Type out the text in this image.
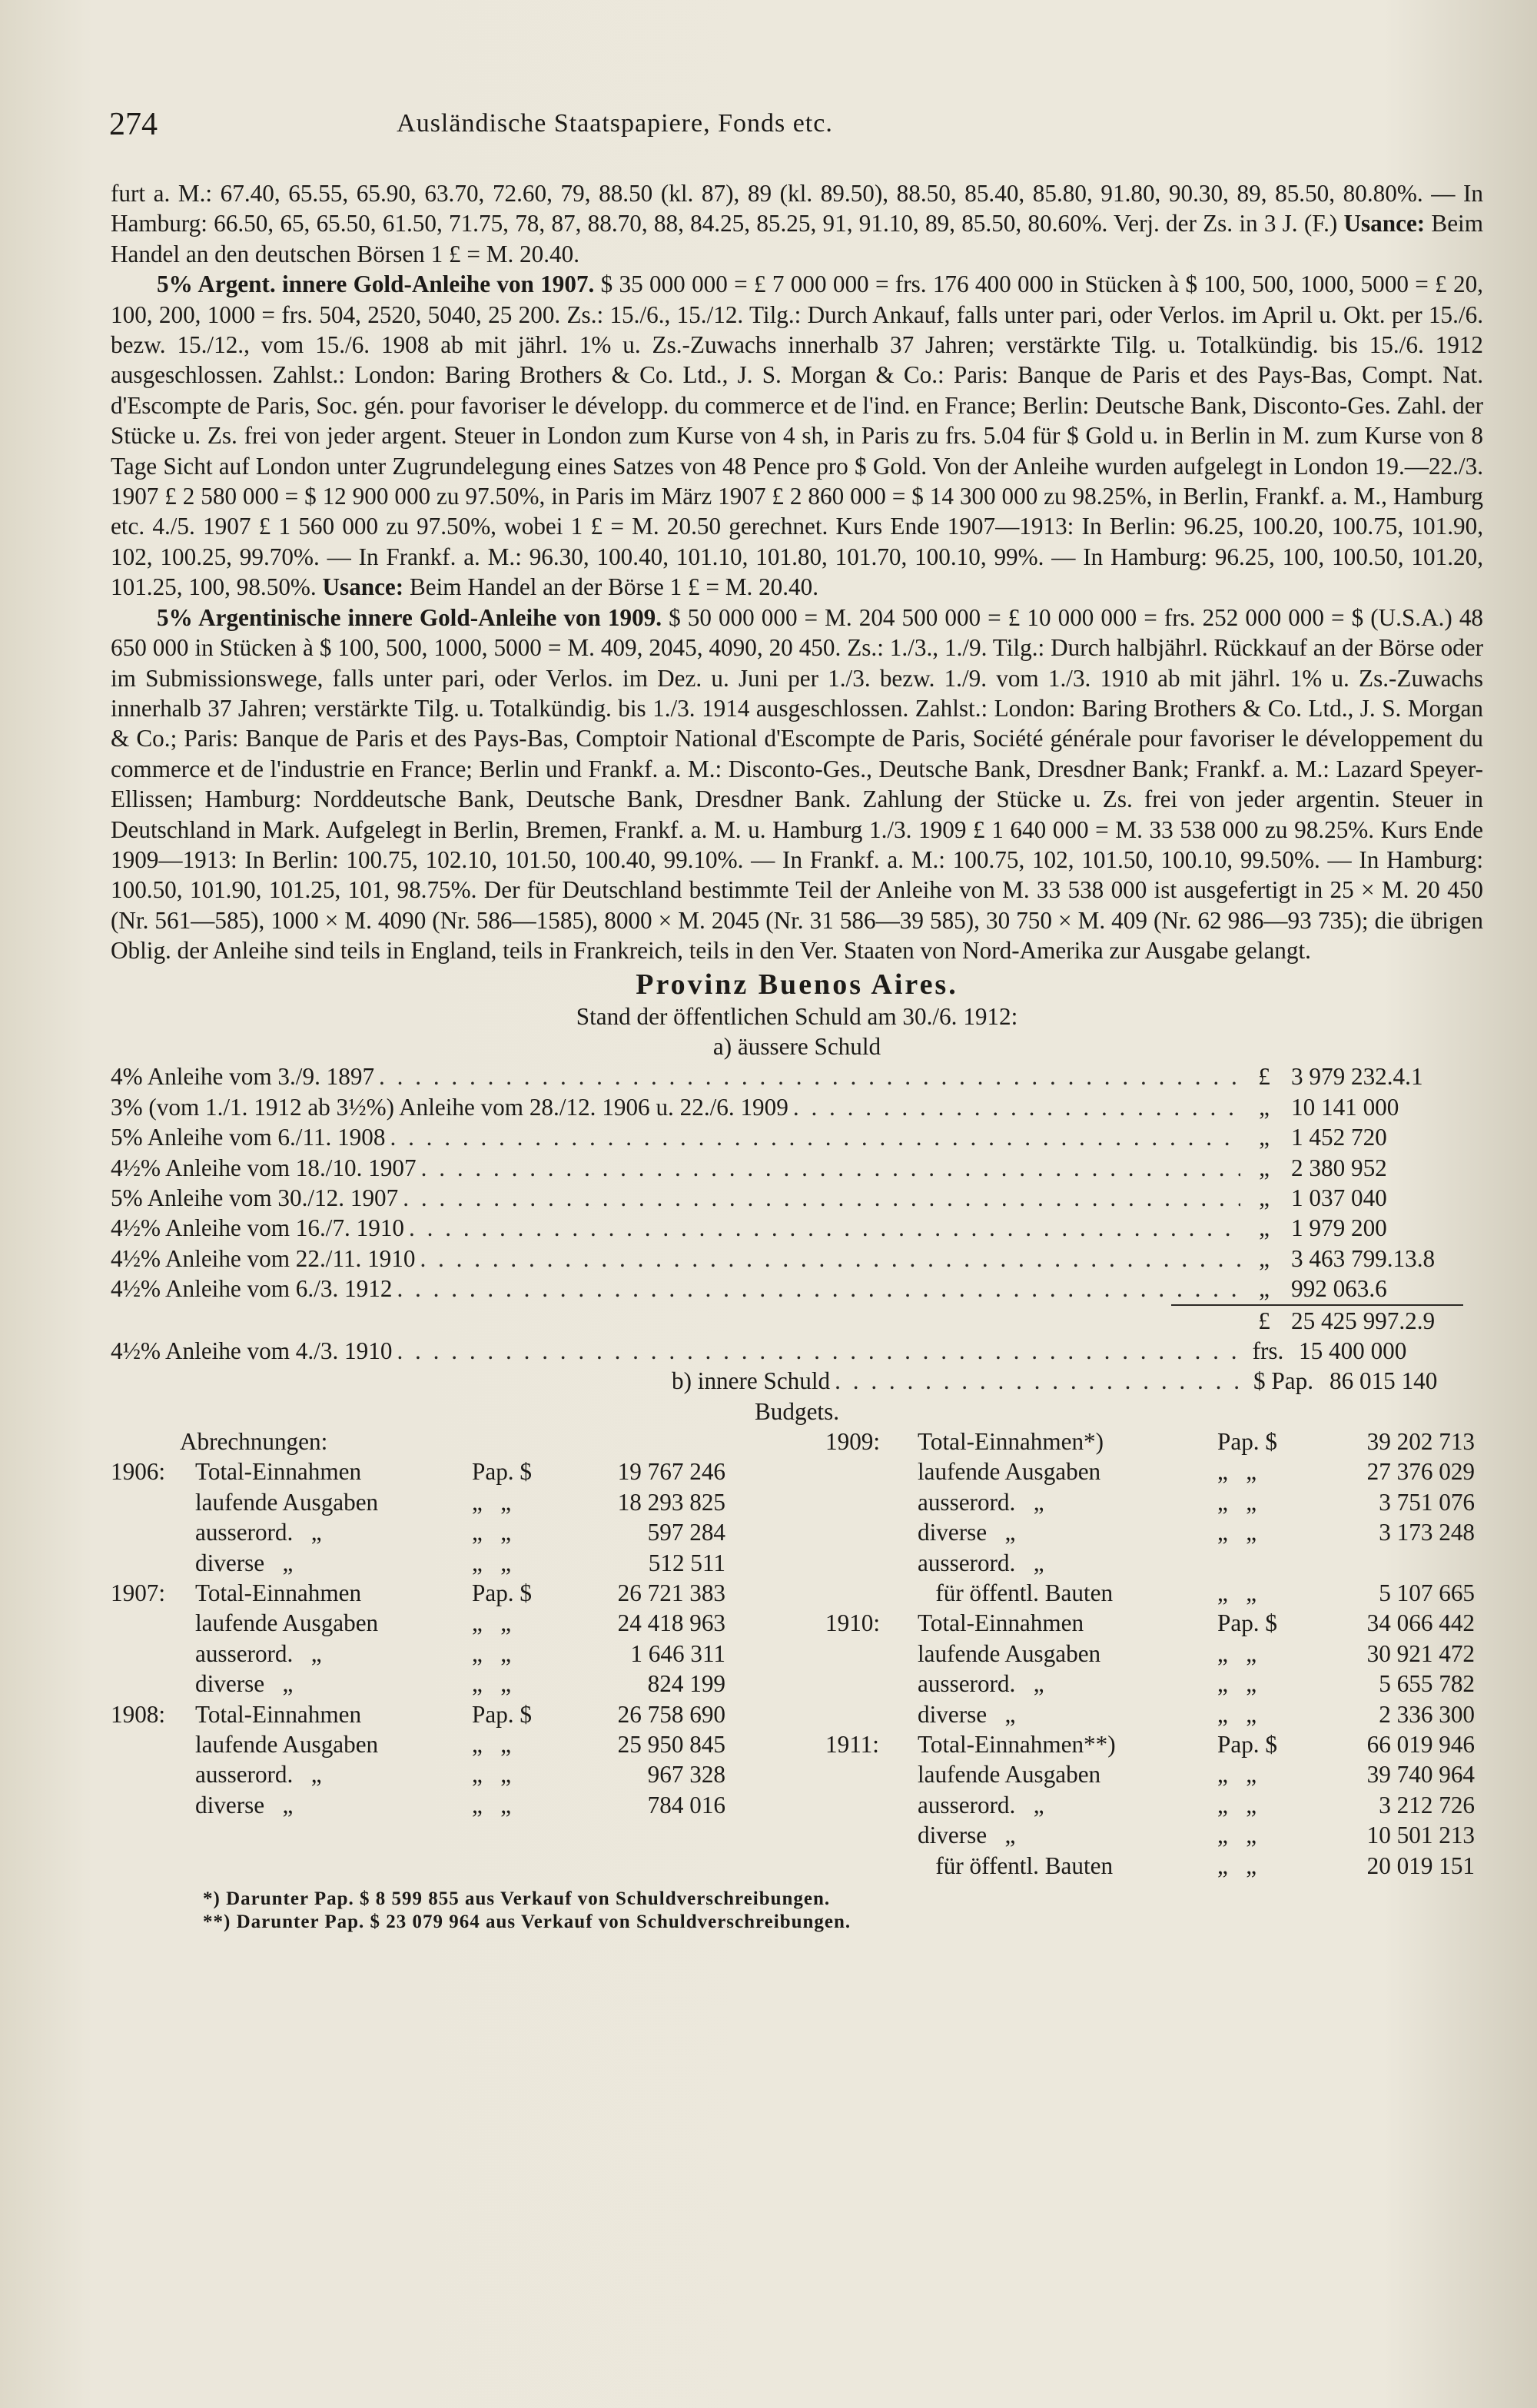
274	Ausländische Staatspapiere, Fonds etc.

furt a. M.: 67.40, 65.55, 65.90, 63.70, 72.60, 79, 88.50 (kl. 87), 89 (kl. 89.50), 88.50, 85.40, 85.80, 91.80, 90.30, 89, 85.50, 80.80%. — In Hamburg: 66.50, 65, 65.50, 61.50, 71.75, 78, 87, 88.70, 88, 84.25, 85.25, 91, 91.10, 89, 85.50, 80.60%. Verj. der Zs. in 3 J. (F.) Usance: Beim Handel an den deutschen Börsen 1 £ = M. 20.40.

5% Argent. innere Gold-Anleihe von 1907. $ 35 000 000 = £ 7 000 000 = frs. 176 400 000 in Stücken à $ 100, 500, 1000, 5000 = £ 20, 100, 200, 1000 = frs. 504, 2520, 5040, 25 200. Zs.: 15./6., 15./12. Tilg.: Durch Ankauf, falls unter pari, oder Verlos. im April u. Okt. per 15./6. bezw. 15./12., vom 15./6. 1908 ab mit jährl. 1% u. Zs.-Zuwachs innerhalb 37 Jahren; verstärkte Tilg. u. Totalkündig. bis 15./6. 1912 ausgeschlossen. Zahlst.: London: Baring Brothers & Co. Ltd., J. S. Morgan & Co.: Paris: Banque de Paris et des Pays-Bas, Compt. Nat. d'Escompte de Paris, Soc. gén. pour favoriser le développ. du commerce et de l'ind. en France; Berlin: Deutsche Bank, Disconto-Ges. Zahl. der Stücke u. Zs. frei von jeder argent. Steuer in London zum Kurse von 4 sh, in Paris zu frs. 5.04 für $ Gold u. in Berlin in M. zum Kurse von 8 Tage Sicht auf London unter Zugrundelegung eines Satzes von 48 Pence pro $ Gold. Von der Anleihe wurden aufgelegt in London 19.—22./3. 1907 £ 2 580 000 = $ 12 900 000 zu 97.50%, in Paris im März 1907 £ 2 860 000 = $ 14 300 000 zu 98.25%, in Berlin, Frankf. a. M., Hamburg etc. 4./5. 1907 £ 1 560 000 zu 97.50%, wobei 1 £ = M. 20.50 gerechnet. Kurs Ende 1907—1913: In Berlin: 96.25, 100.20, 100.75, 101.90, 102, 100.25, 99.70%. — In Frankf. a. M.: 96.30, 100.40, 101.10, 101.80, 101.70, 100.10, 99%. — In Hamburg: 96.25, 100, 100.50, 101.20, 101.25, 100, 98.50%. Usance: Beim Handel an der Börse 1 £ = M. 20.40.

5% Argentinische innere Gold-Anleihe von 1909. $ 50 000 000 = M. 204 500 000 = £ 10 000 000 = frs. 252 000 000 = $ (U.S.A.) 48 650 000 in Stücken à $ 100, 500, 1000, 5000 = M. 409, 2045, 4090, 20 450. Zs.: 1./3., 1./9. Tilg.: Durch halbjährl. Rückkauf an der Börse oder im Submissionswege, falls unter pari, oder Verlos. im Dez. u. Juni per 1./3. bezw. 1./9. vom 1./3. 1910 ab mit jährl. 1% u. Zs.-Zuwachs innerhalb 37 Jahren; verstärkte Tilg. u. Totalkündig. bis 1./3. 1914 ausgeschlossen. Zahlst.: London: Baring Brothers & Co. Ltd., J. S. Morgan & Co.; Paris: Banque de Paris et des Pays-Bas, Comptoir National d'Escompte de Paris, Société générale pour favoriser le développement du commerce et de l'industrie en France; Berlin und Frankf. a. M.: Disconto-Ges., Deutsche Bank, Dresdner Bank; Frankf. a. M.: Lazard Speyer-Ellissen; Hamburg: Norddeutsche Bank, Deutsche Bank, Dresdner Bank. Zahlung der Stücke u. Zs. frei von jeder argentin. Steuer in Deutschland in Mark. Aufgelegt in Berlin, Bremen, Frankf. a. M. u. Hamburg 1./3. 1909 £ 1 640 000 = M. 33 538 000 zu 98.25%. Kurs Ende 1909—1913: In Berlin: 100.75, 102.10, 101.50, 100.40, 99.10%. — In Frankf. a. M.: 100.75, 102, 101.50, 100.10, 99.50%. — In Hamburg: 100.50, 101.90, 101.25, 101, 98.75%. Der für Deutschland bestimmte Teil der Anleihe von M. 33 538 000 ist ausgefertigt in 25 × M. 20 450 (Nr. 561—585), 1000 × M. 4090 (Nr. 586—1585), 8000 × M. 2045 (Nr. 31 586—39 585), 30 750 × M. 409 (Nr. 62 986—93 735); die übrigen Oblig. der Anleihe sind teils in England, teils in Frankreich, teils in den Ver. Staaten von Nord-Amerika zur Ausgabe gelangt.

Provinz Buenos Aires.
Stand der öffentlichen Schuld am 30./6. 1912:
a) äussere Schuld
4% Anleihe vom 3./9. 1897 . . .	£ 3 979 232.4.1
3% (vom 1./1. 1912 ab 3½%) Anleihe vom 28./12. 1906 u. 22./6. 1909 . . .	„ 10 141 000
5% Anleihe vom 6./11. 1908 . . .	„ 1 452 720
4½% Anleihe vom 18./10. 1907 . . .	„ 2 380 952
5% Anleihe vom 30./12. 1907 . . .	„ 1 037 040
4½% Anleihe vom 16./7. 1910 . . .	„ 1 979 200
4½% Anleihe vom 22./11. 1910 . . .	„ 3 463 799.13.8
4½% Anleihe vom 6./3. 1912 . . .	„ 992 063.6
£ 25 425 997.2.9
4½% Anleihe vom 4./3. 1910 . . .	frs. 15 400 000
b) innere Schuld . . .	$ Pap. 86 015 140
Budgets.
Abrechnungen:
1906:	Total-Einnahmen	Pap. $	19 767 246
laufende Ausgaben	„   „	18 293 825
ausserord.   „	„   „	597 284
diverse   „	„   „	512 511
1907:	Total-Einnahmen	Pap. $	26 721 383
laufende Ausgaben	„   „	24 418 963
ausserord.   „	„   „	1 646 311
diverse   „	„   „	824 199
1908:	Total-Einnahmen	Pap. $	26 758 690
laufende Ausgaben	„   „	25 950 845
ausserord.   „	„   „	967 328
diverse   „	„   „	784 016
1909:	Total-Einnahmen*)	Pap. $	39 202 713
laufende Ausgaben	„   „	27 376 029
ausserord.   „	„   „	3 751 076
diverse   „	„   „	3 173 248
ausserord.   „
für öffentl. Bauten	„   „	5 107 665
1910:	Total-Einnahmen	Pap. $	34 066 442
laufende Ausgaben	„   „	30 921 472
ausserord.   „	„   „	5 655 782
diverse   „	„   „	2 336 300
1911:	Total-Einnahmen**)	Pap. $	66 019 946
laufende Ausgaben	„   „	39 740 964
ausserord.   „	„   „	3 212 726
diverse   „	„   „	10 501 213
für öffentl. Bauten	„   „	20 019 151
*) Darunter Pap. $ 8 599 855 aus Verkauf von Schuldverschreibungen.
**) Darunter Pap. $ 23 079 964 aus Verkauf von Schuldverschreibungen.
